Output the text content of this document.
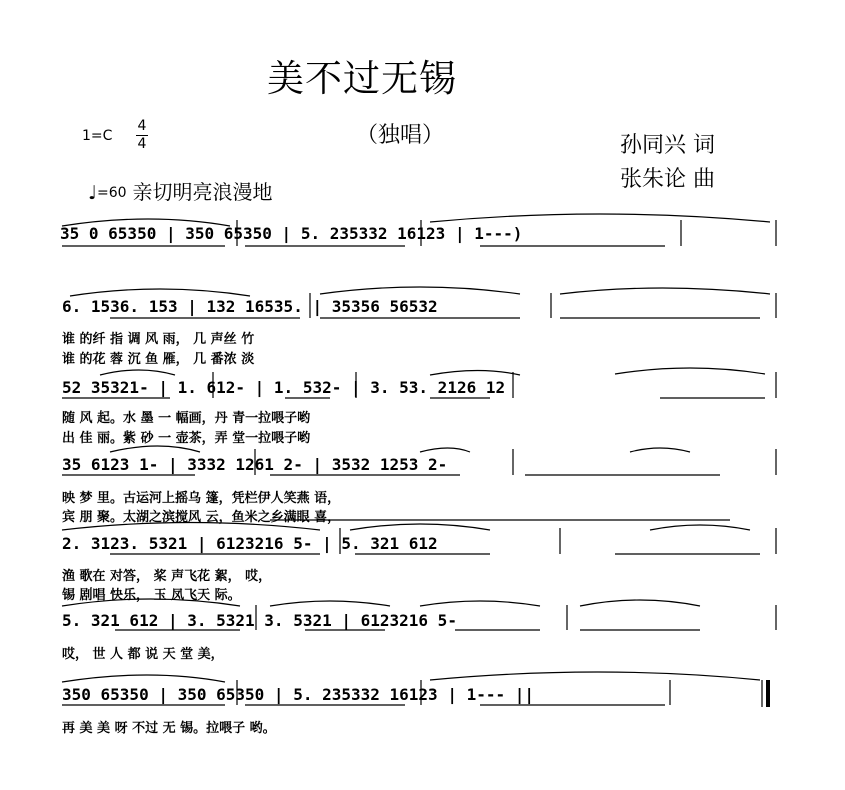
美不过无锡
（独唱）
1=C
4
4
♩=60 亲切明亮浪漫地
孙同兴 词
张朱论 曲
35 0 65350 | 350 65350 | 5. 235332 16123 | 1---)
6. 1536. 153 | 132 16535. | 35356 56532
谁 的纤 指 调 风 雨， 几 声丝 竹
谁 的花 蓉 沉 鱼 雁， 几 番浓 淡
52 35321- | 1. 612- | 1. 532- | 3. 53. 2126 12
随 风 起。水 墨 一 幅画，丹 青一拉喂子哟
出 佳 丽。紫 砂 一 壶茶，弄 堂一拉喂子哟
35 6123 1- | 3332 1261 2- | 3532 1253 2-
映 梦 里。古运河上摇乌 篷，凭栏伊人笑燕 语，
宾 朋 聚。太湖之滨搅风 云，鱼米之乡满眼 喜，
2. 3123. 5321 | 6123216 5- | 5. 321 612
渔 歌在 对答， 桨 声飞花 絮， 哎，
锡 剧唱 快乐， 玉 凤飞天 际。
5. 321 612 | 3. 5321 3. 5321 | 6123216 5-
哎， 世 人 都 说 天 堂 美，
350 65350 | 350 65350 | 5. 235332 16123 | 1--- ||
再 美 美 呀 不过 无 锡。拉喂子 哟。
